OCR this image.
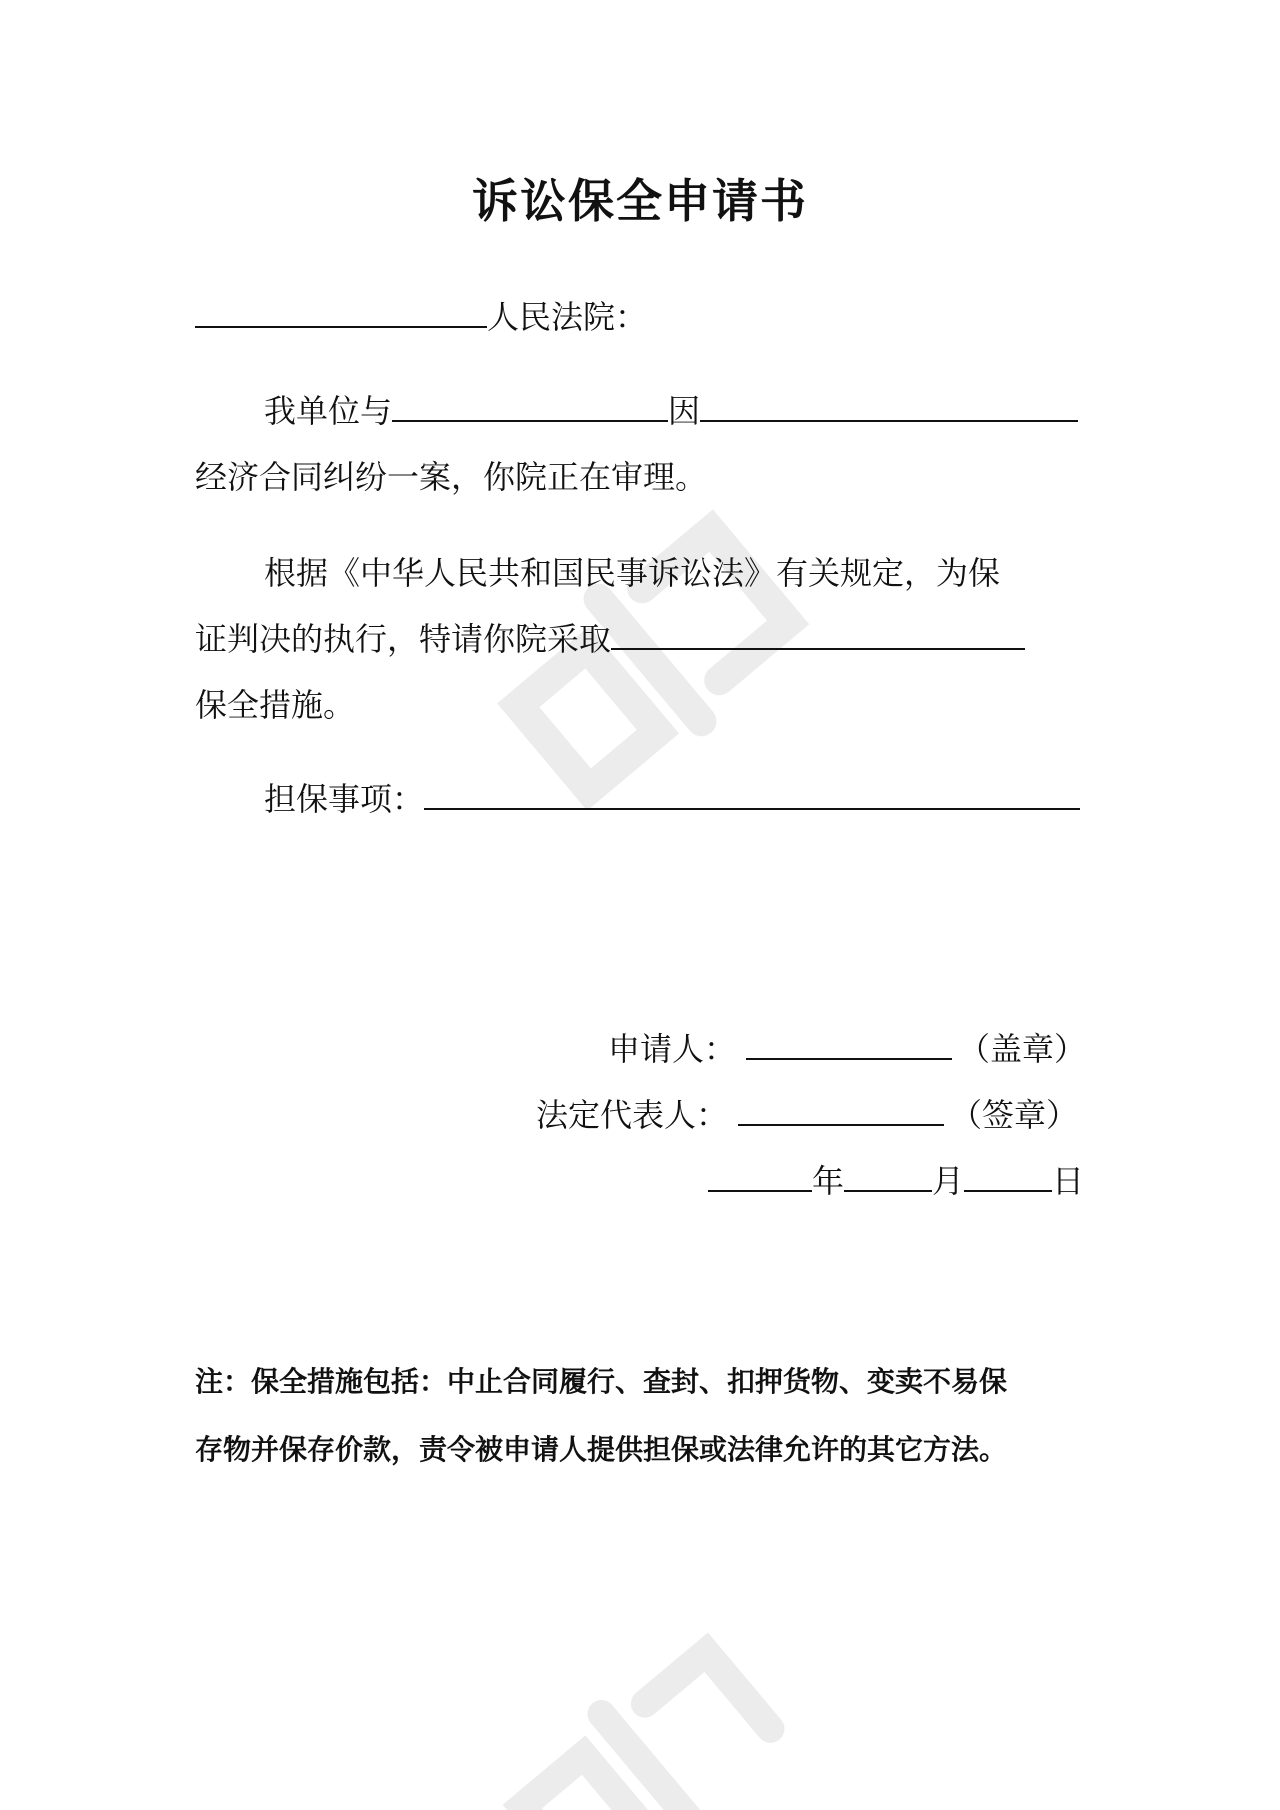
诉讼保全申请书
人民法院：
我单位与	因
经济合同纠纷一案，你院正在审理。
根据《中华人民共和国民事诉讼法》有关规定，为保
证判决的执行，特请你院采取
保全措施。
担保事项：
申请人：	（盖章）
法定代表人：	（签章）
年	月	日
注：保全措施包括：中止合同履行、查封、扣押货物、变卖不易保
存物并保存价款，责令被申请人提供担保或法律允许的其它方法。
